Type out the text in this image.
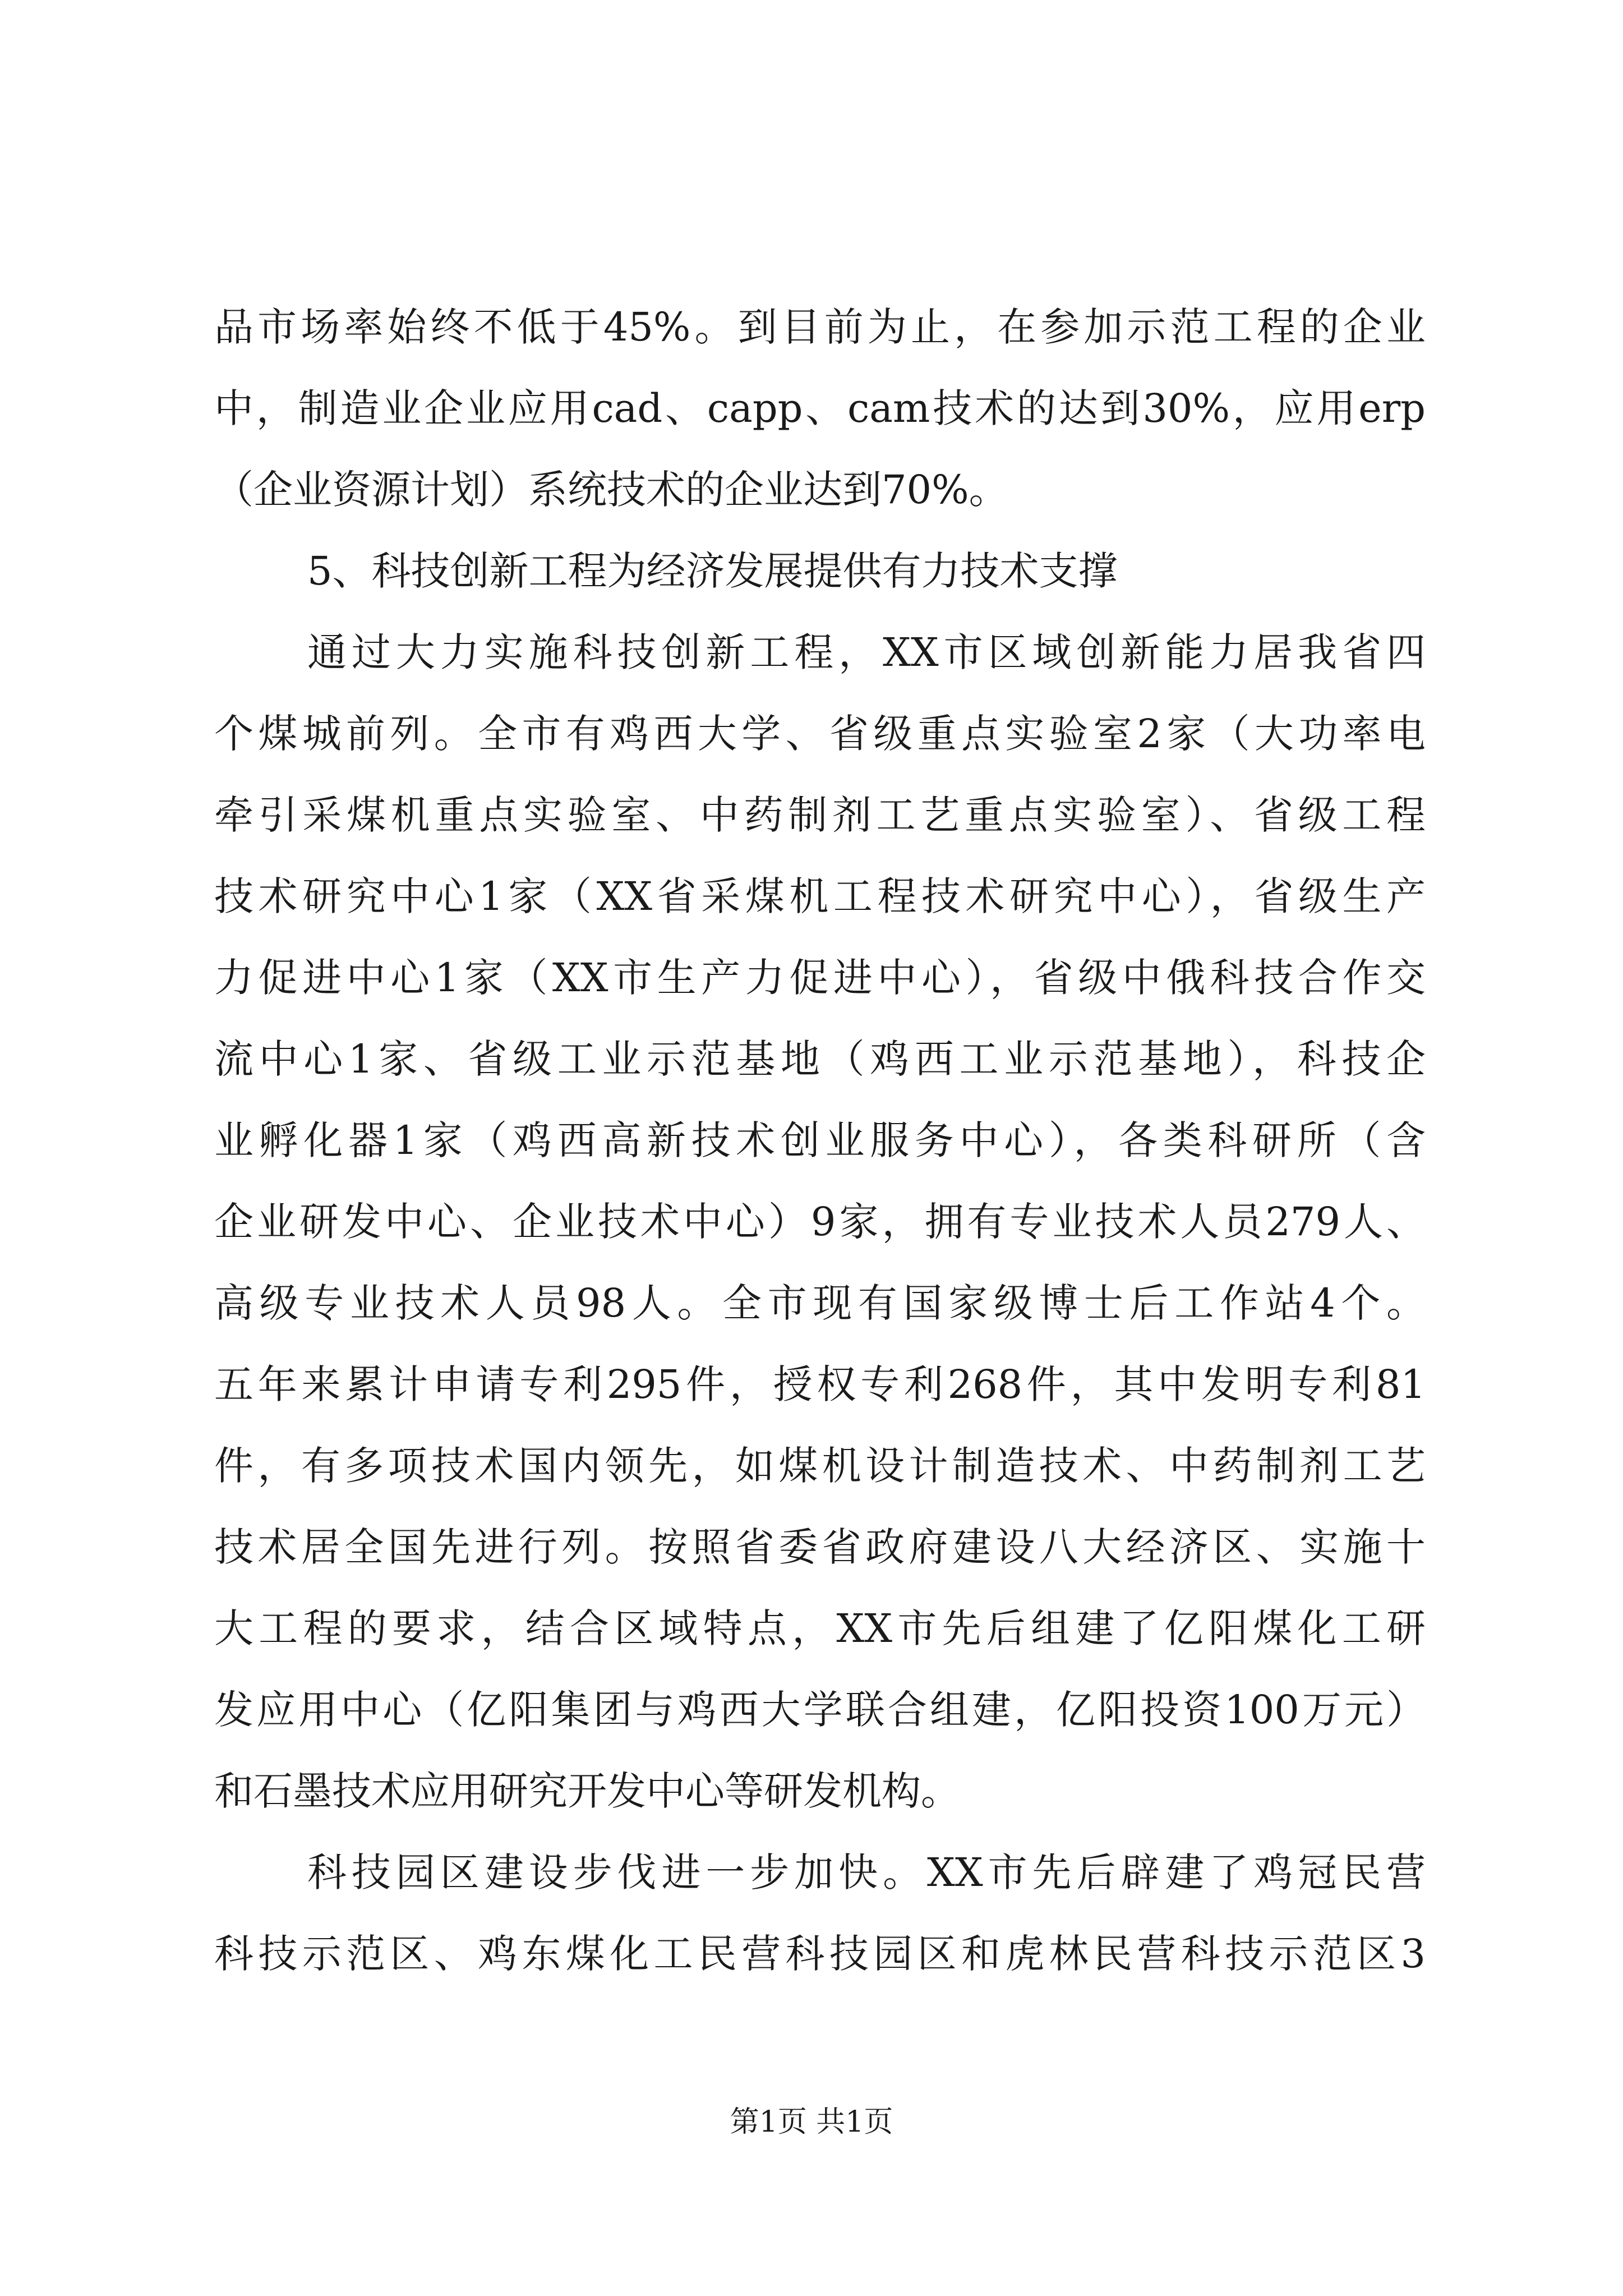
品市场率始终不低于45%。到目前为止，在参加示范工程的企业
中，制造业企业应用cad、capp、cam技术的达到30%，应用erp
（企业资源计划）系统技术的企业达到70%。
5、科技创新工程为经济发展提供有力技术支撑
通过大力实施科技创新工程，XX市区域创新能力居我省四
个煤城前列。全市有鸡西大学、省级重点实验室2家（大功率电
牵引采煤机重点实验室、中药制剂工艺重点实验室）、省级工程
技术研究中心1家（XX省采煤机工程技术研究中心），省级生产
力促进中心1家（XX市生产力促进中心），省级中俄科技合作交
流中心1家、省级工业示范基地（鸡西工业示范基地），科技企
业孵化器1家（鸡西高新技术创业服务中心），各类科研所（含
企业研发中心、企业技术中心）9家，拥有专业技术人员279人、
高级专业技术人员98人。全市现有国家级博士后工作站4个。
五年来累计申请专利295件，授权专利268件，其中发明专利81
件，有多项技术国内领先，如煤机设计制造技术、中药制剂工艺
技术居全国先进行列。按照省委省政府建设八大经济区、实施十
大工程的要求，结合区域特点，XX市先后组建了亿阳煤化工研
发应用中心（亿阳集团与鸡西大学联合组建，亿阳投资100万元）
和石墨技术应用研究开发中心等研发机构。
科技园区建设步伐进一步加快。XX市先后辟建了鸡冠民营
科技示范区、鸡东煤化工民营科技园区和虎林民营科技示范区3
第1页 共1页
